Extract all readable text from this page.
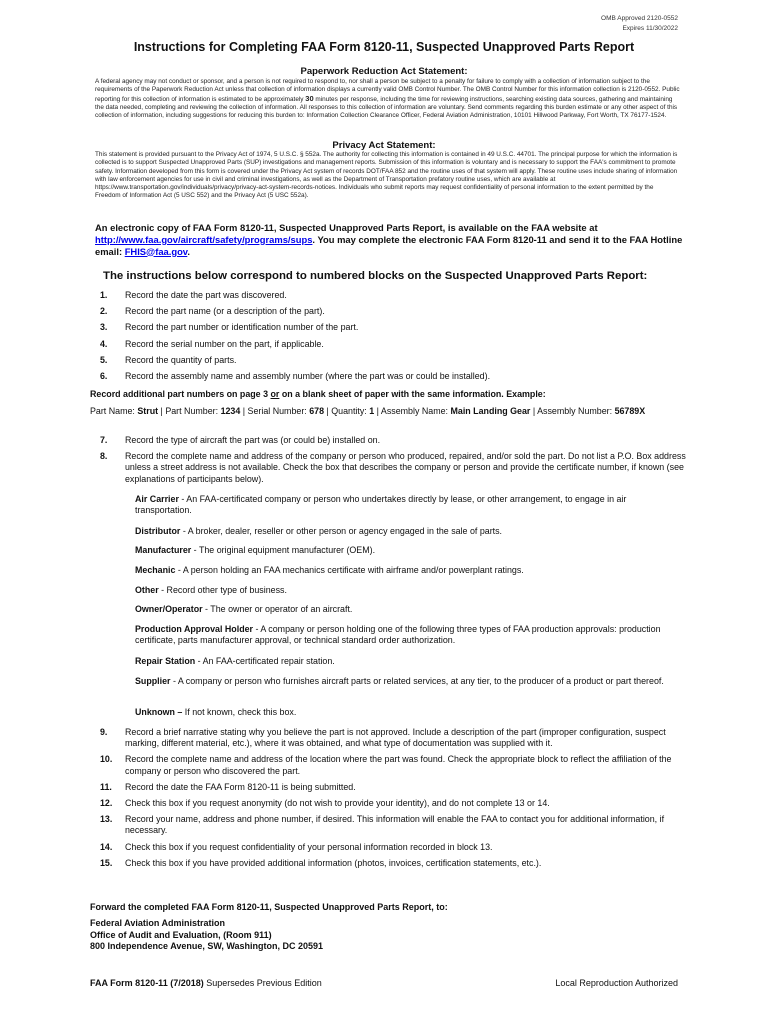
OMB Approved 2120-0552
Expires 11/30/2022
Instructions for Completing FAA Form 8120-11, Suspected Unapproved Parts Report
Paperwork Reduction Act Statement:
A federal agency may not conduct or sponsor, and a person is not required to respond to, nor shall a person be subject to a penalty for failure to comply with a collection of information subject to the requirements of the Paperwork Reduction Act unless that collection of information displays a currently valid OMB Control Number. The OMB Control Number for this information collection is 2120-0552. Public reporting for this collection of information is estimated to be approximately 30 minutes per response, including the time for reviewing instructions, searching existing data sources, gathering and maintaining the data needed, completing and reviewing the collection of information. All responses to this collection of information are voluntary. Send comments regarding this burden estimate or any other aspect of this collection of information, including suggestions for reducing this burden to: Information Collection Clearance Officer, Federal Aviation Administration, 10101 Hillwood Parkway, Fort Worth, TX 76177-1524.
Privacy Act Statement:
This statement is provided pursuant to the Privacy Act of 1974, 5 U.S.C. § 552a. The authority for collecting this information is contained in 49 U.S.C. 44701. The principal purpose for which the information is collected is to support Suspected Unapproved Parts (SUP) investigations and management reports. Submission of this information is voluntary and is necessary to support the FAA's commitment to promote safety. Information developed from this form is covered under the Privacy Act system of records DOT/FAA 852 and the routine uses of that system will apply. These routine uses include sharing of information with law enforcement agencies for use in civil and criminal investigations, as well as the Department of Transportation prefatory routine uses, which are available at https://www.transportation.gov/individuals/privacy/privacy-act-system-records-notices. Individuals who submit reports may request confidentiality of personal information to the extent permitted by the Freedom of Information Act (5 USC 552) and the Privacy Act (5 USC 552a).
An electronic copy of FAA Form 8120-11, Suspected Unapproved Parts Report, is available on the FAA website at http://www.faa.gov/aircraft/safety/programs/sups. You may complete the electronic FAA Form 8120-11 and send it to the FAA Hotline email: FHIS@faa.gov.
The instructions below correspond to numbered blocks on the Suspected Unapproved Parts Report:
1. Record the date the part was discovered.
2. Record the part name (or a description of the part).
3. Record the part number or identification number of the part.
4. Record the serial number on the part, if applicable.
5. Record the quantity of parts.
6. Record the assembly name and assembly number (where the part was or could be installed).
Record additional part numbers on page 3 or on a blank sheet of paper with the same information. Example:
Part Name: Strut | Part Number: 1234 | Serial Number: 678 | Quantity: 1 | Assembly Name: Main Landing Gear | Assembly Number: 56789X
7. Record the type of aircraft the part was (or could be) installed on.
8. Record the complete name and address of the company or person who produced, repaired, and/or sold the part. Do not list a P.O. Box address unless a street address is not available. Check the box that describes the company or person and provide the certificate number, if known (see explanations of participants below).
Air Carrier - An FAA-certificated company or person who undertakes directly by lease, or other arrangement, to engage in air transportation.
Distributor - A broker, dealer, reseller or other person or agency engaged in the sale of parts.
Manufacturer - The original equipment manufacturer (OEM).
Mechanic - A person holding an FAA mechanics certificate with airframe and/or powerplant ratings.
Other - Record other type of business.
Owner/Operator - The owner or operator of an aircraft.
Production Approval Holder - A company or person holding one of the following three types of FAA production approvals: production certificate, parts manufacturer approval, or technical standard order authorization.
Repair Station - An FAA-certificated repair station.
Supplier - A company or person who furnishes aircraft parts or related services, at any tier, to the producer of a product or part thereof.
Unknown – If not known, check this box.
9. Record a brief narrative stating why you believe the part is not approved. Include a description of the part (improper configuration, suspect marking, different material, etc.), where it was obtained, and what type of documentation was supplied with it.
10. Record the complete name and address of the location where the part was found. Check the appropriate block to reflect the affiliation of the company or person who discovered the part.
11. Record the date the FAA Form 8120-11 is being submitted.
12. Check this box if you request anonymity (do not wish to provide your identity), and do not complete 13 or 14.
13. Record your name, address and phone number, if desired. This information will enable the FAA to contact you for additional information, if necessary.
14. Check this box if you request confidentiality of your personal information recorded in block 13.
15. Check this box if you have provided additional information (photos, invoices, certification statements, etc.).
Forward the completed FAA Form 8120-11, Suspected Unapproved Parts Report, to:
Federal Aviation Administration
Office of Audit and Evaluation, (Room 911)
800 Independence Avenue, SW, Washington, DC 20591
FAA Form 8120-11 (7/2018) Supersedes Previous Edition	Local Reproduction Authorized
